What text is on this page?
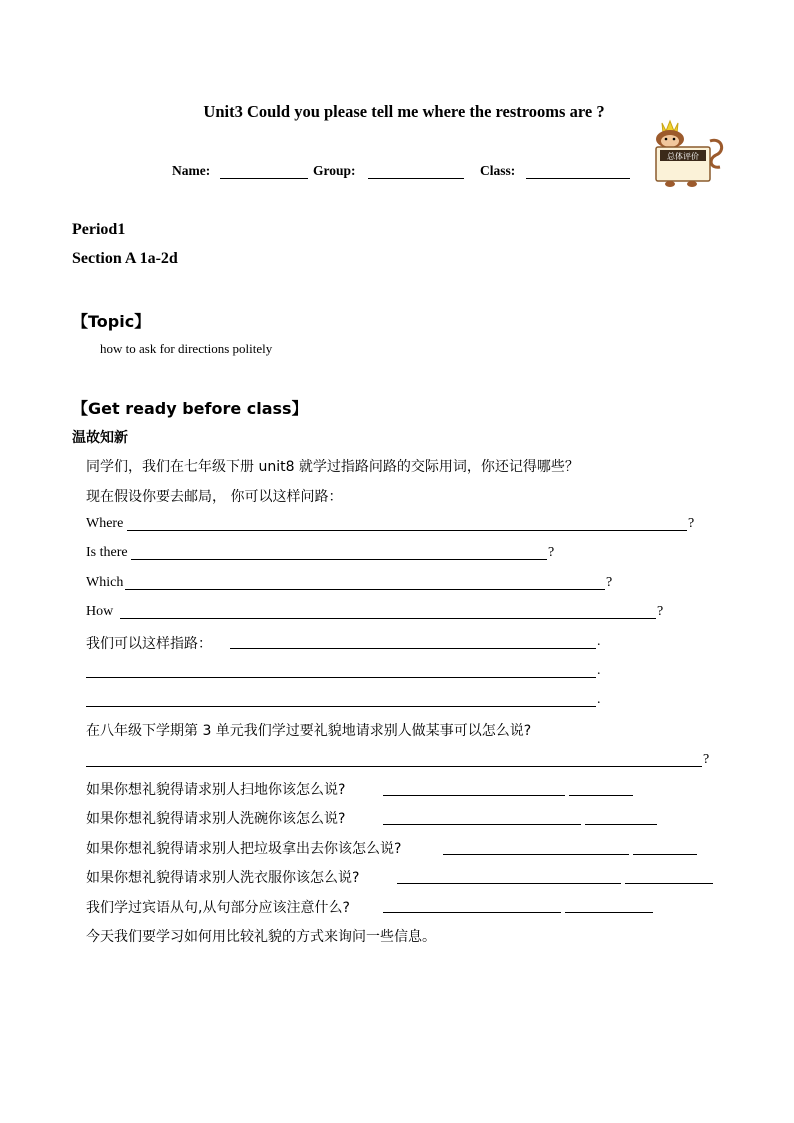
Unit3 Could you please tell me where the restrooms are ?
Name:	Group:	Class:
总体评价
Period1
Section A 1a-2d
【Topic】
how to ask for directions politely
【Get ready before class】
温故知新
同学们，我们在七年级下册 unit8 就学过指路问路的交际用词，你还记得哪些？
现在假设你要去邮局， 你可以这样问路：
Where	?
Is there	?
Which	?
How	?
我们可以这样指路：	.
.
.
在八年级下学期第 3 单元我们学过要礼貌地请求别人做某事可以怎么说?
?
如果你想礼貌得请求别人扫地你该怎么说?
如果你想礼貌得请求别人洗碗你该怎么说?
如果你想礼貌得请求别人把垃圾拿出去你该怎么说?
如果你想礼貌得请求别人洗衣服你该怎么说?
我们学过宾语从句,从句部分应该注意什么?
今天我们要学习如何用比较礼貌的方式来询问一些信息。
